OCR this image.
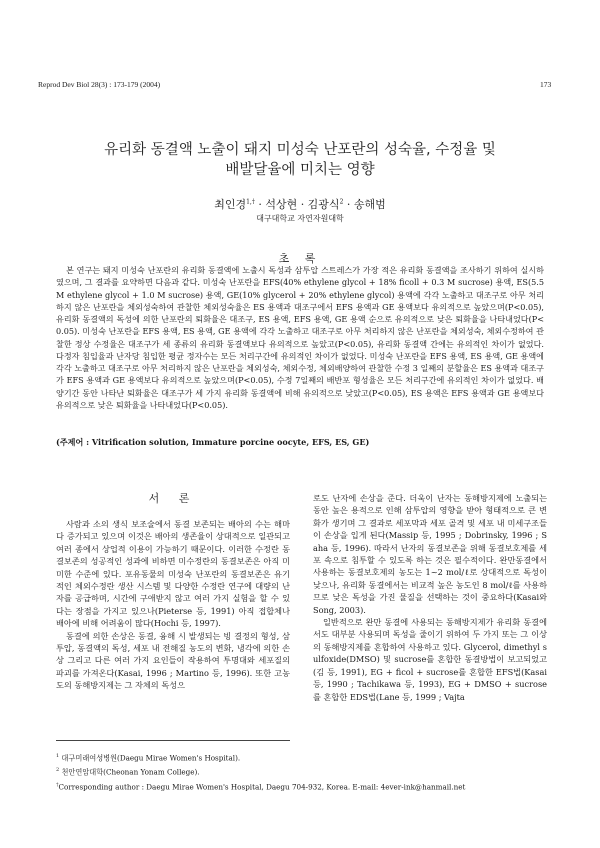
Reprod Dev Biol 28(3) : 173-179 (2004)	173
유리화 동결액 노출이 돼지 미성숙 난포란의 성숙율, 수정율 및
배발달율에 미치는 영향
최인경$^{1,\dagger}$ · 석상현 · 김광식$^2$ · 송해범
대구대학교 자연자원대학
초 록

본 연구는 돼지 미성숙 난포란의 유리화 동결액에 노출시 독성과 삼투압 스트레스가 가장 적은 유리화 동결액을 조사하기 위하여 실시하였으며, 그 결과를 요약하면 다음과 같다. 미성숙 난포란을 EFS(40% ethylene glycol + 18% ficoll + 0.3 M sucrose) 용액, ES(5.5 M ethylene glycol + 1.0 M sucrose) 용액, GE(10% glycerol + 20% ethylene glycol) 용액에 각각 노출하고 대조구로 아무 처리하지 않은 난포란을 체외성숙하여 관찰한 체외성숙율은 ES 용액과 대조구에서 EFS 용액과 GE 용액보다 유의적으로 높았으며(P<0.05), 유리화 동결액의 독성에 의한 난포란의 퇴화율은 대조구, ES 용액, EFS 용액, GE 용액 순으로 유의적으로 낮은 퇴화율을 나타내었다(P<0.05). 미성숙 난포란을 EFS 용액, ES 용액, GE 용액에 각각 노출하고 대조구로 아무 처리하지 않은 난포란을 체외성숙, 체외수정하여 관찰한 정상 수정율은 대조구가 세 종류의 유리화 동결액보다 유의적으로 높았고(P<0.05), 유리화 동결액 간에는 유의적인 차이가 없었다. 다정자 침입율과 난자당 침입한 평균 정자수는 모든 처리구간에 유의적인 차이가 없었다. 미성숙 난포란을 EFS 용액, ES 용액, GE 용액에 각각 노출하고 대조구로 아무 처리하지 않은 난포란을 체외성숙, 체외수정, 체외배양하여 관찰한 수정 3 일째의 분할율은 ES 용액과 대조구가 EFS 용액과 GE 용액보다 유의적으로 높았으며(P<0.05), 수정 7일째의 배반포 형성율은 모든 처리구간에 유의적인 차이가 없었다. 배양기간 동안 나타난 퇴화율은 대조구가 세 가지 유리화 동결액에 비해 유의적으로 낮았고(P<0.05), ES 용액은 EFS 용액과 GE 용액보다 유의적으로 낮은 퇴화율을 나타내었다(P<0.05).

(주제어 : Vitrification solution, Immature porcine oocyte, EFS, ES, GE)
서 론

사람과 소의 생식 보조술에서 동결 보존되는 배아의 수는 해마다 증가되고 있으며 이것은 배아의 생존율이 상대적으로 일관되고 여러 종에서 상업적 이용이 가능하기 때문이다. 이러한 수정란 동결보존의 성공적인 성과에 비하면 미수정란의 동결보존은 아직 미미한 수준에 있다. 포유동물의 미성숙 난포란의 동결보존은 유기적인 체외수정란 생산 시스템 및 다양한 수정란 연구에 대량의 난자를 공급하며, 시간에 구애받지 않고 여러 가지 실험을 할 수 있다는 장점을 가지고 있으나(Pieterse 등, 1991) 아직 접합체나 배아에 비해 어려움이 많다(Hochi 등, 1997).

동결에 의한 손상은 동결, 융해 시 발생되는 빙 결정의 형성, 삼투압, 동결액의 독성, 세포 내 전해질 농도의 변화, 냉각에 의한 손상 그리고 다른 여러 가지 요인들이 작용하여 투명대와 세포질의 파괴를 가져온다(Kasai, 1996 ; Martino 등, 1996). 또한 고농도의 동해방지제는 그 자체의 독성으

로도 난자에 손상을 준다. 더욱이 난자는 동해방지제에 노출되는 동안 높은 용적으로 인해 삼투압의 영향을 받아 형태적으로 큰 변화가 생기며 그 결과로 세포막과 세포 골격 및 세포 내 미세구조들이 손상을 입게 된다(Massip 등, 1995 ; Dobrinsky, 1996 ; Saha 등, 1996). 따라서 난자의 동결보존을 위해 동결보호제를 세포 속으로 침투할 수 있도록 하는 것은 필수적이다. 완만동결에서 사용하는 동결보호제의 농도는 1~2 mol/ℓ로 상대적으로 독성이 낮으나, 유리화 동결에서는 비교적 높은 농도인 8 mol/ℓ를 사용하므로 낮은 독성을 가진 물질을 선택하는 것이 중요하다(Kasai와 Song, 2003).

일반적으로 완만 동결에 사용되는 동해방지제가 유리화 동결에서도 대부분 사용되며 독성을 줄이기 위하여 두 가지 또는 그 이상의 동해방지제를 혼합하여 사용하고 있다. Glycerol, dimethyl sulfoxide(DMSO) 및 sucrose를 혼합한 동결방법이 보고되었고(김 등, 1991), EG + ficol + sucrose를 혼합한 EFS법(Kasai 등, 1990 ; Tachikawa 등, 1993), EG + DMSO + sucrose를 혼합한 EDS법(Lane 등, 1999 ; Vajta

$^1$ 대구미래여성병원(Daegu Mirae Women's Hospital).
$^2$ 천안연암대학(Cheonan Yonam College).
†Corresponding author : Daegu Mirae Women's Hospital, Daegu 704-932, Korea. E-mail: 4ever-ink@hanmail.net
